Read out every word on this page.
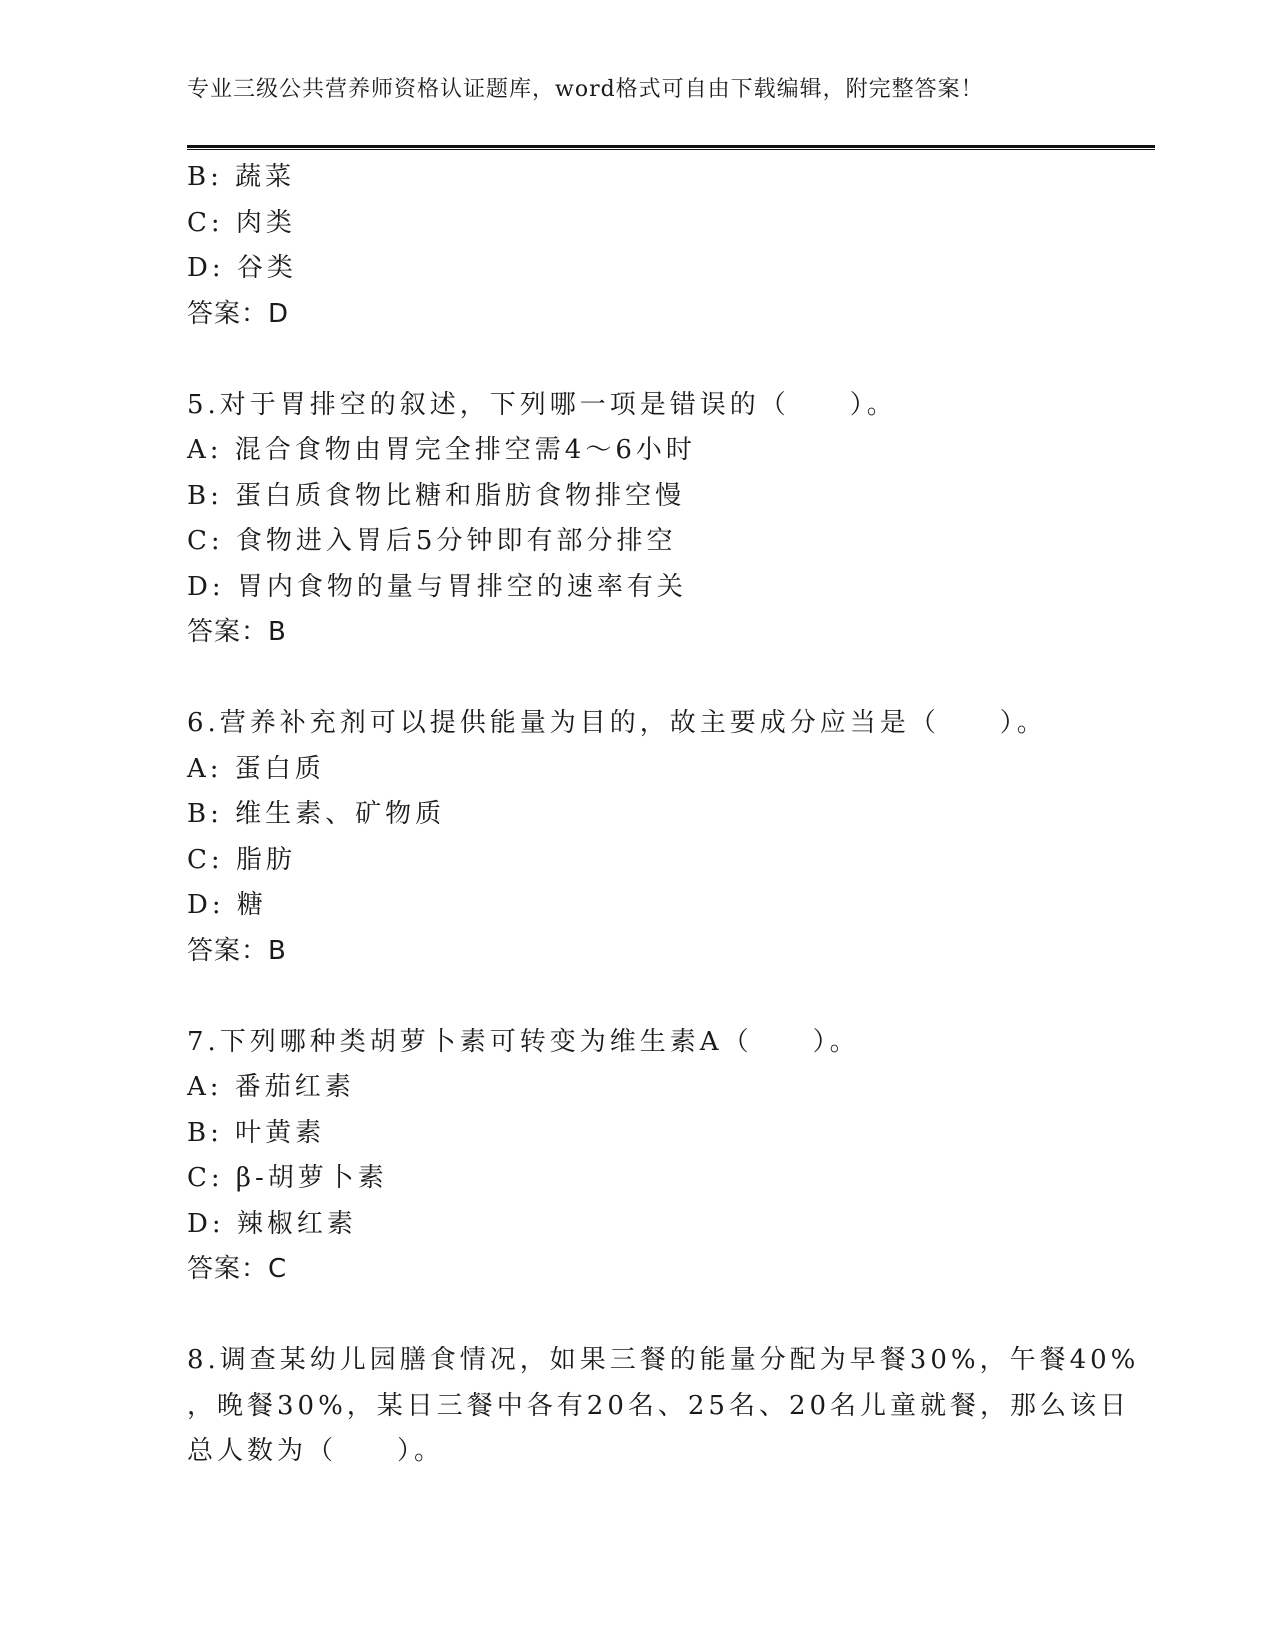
专业三级公共营养师资格认证题库，word格式可自由下载编辑，附完整答案！
B: 蔬菜
C: 肉类
D: 谷类
答案：D
5.对于胃排空的叙述，下列哪一项是错误的（　　）。
A: 混合食物由胃完全排空需4～6小时
B: 蛋白质食物比糖和脂肪食物排空慢
C: 食物进入胃后5分钟即有部分排空
D: 胃内食物的量与胃排空的速率有关
答案：B
6.营养补充剂可以提供能量为目的，故主要成分应当是（　　）。
A: 蛋白质
B: 维生素、矿物质
C: 脂肪
D: 糖
答案：B
7.下列哪种类胡萝卜素可转变为维生素A（　　）。
A: 番茄红素
B: 叶黄素
C: β-胡萝卜素
D: 辣椒红素
答案：C
8.调查某幼儿园膳食情况，如果三餐的能量分配为早餐30%，午餐40%
，晚餐30%，某日三餐中各有20名、25名、20名儿童就餐，那么该日
总人数为（　　）。
